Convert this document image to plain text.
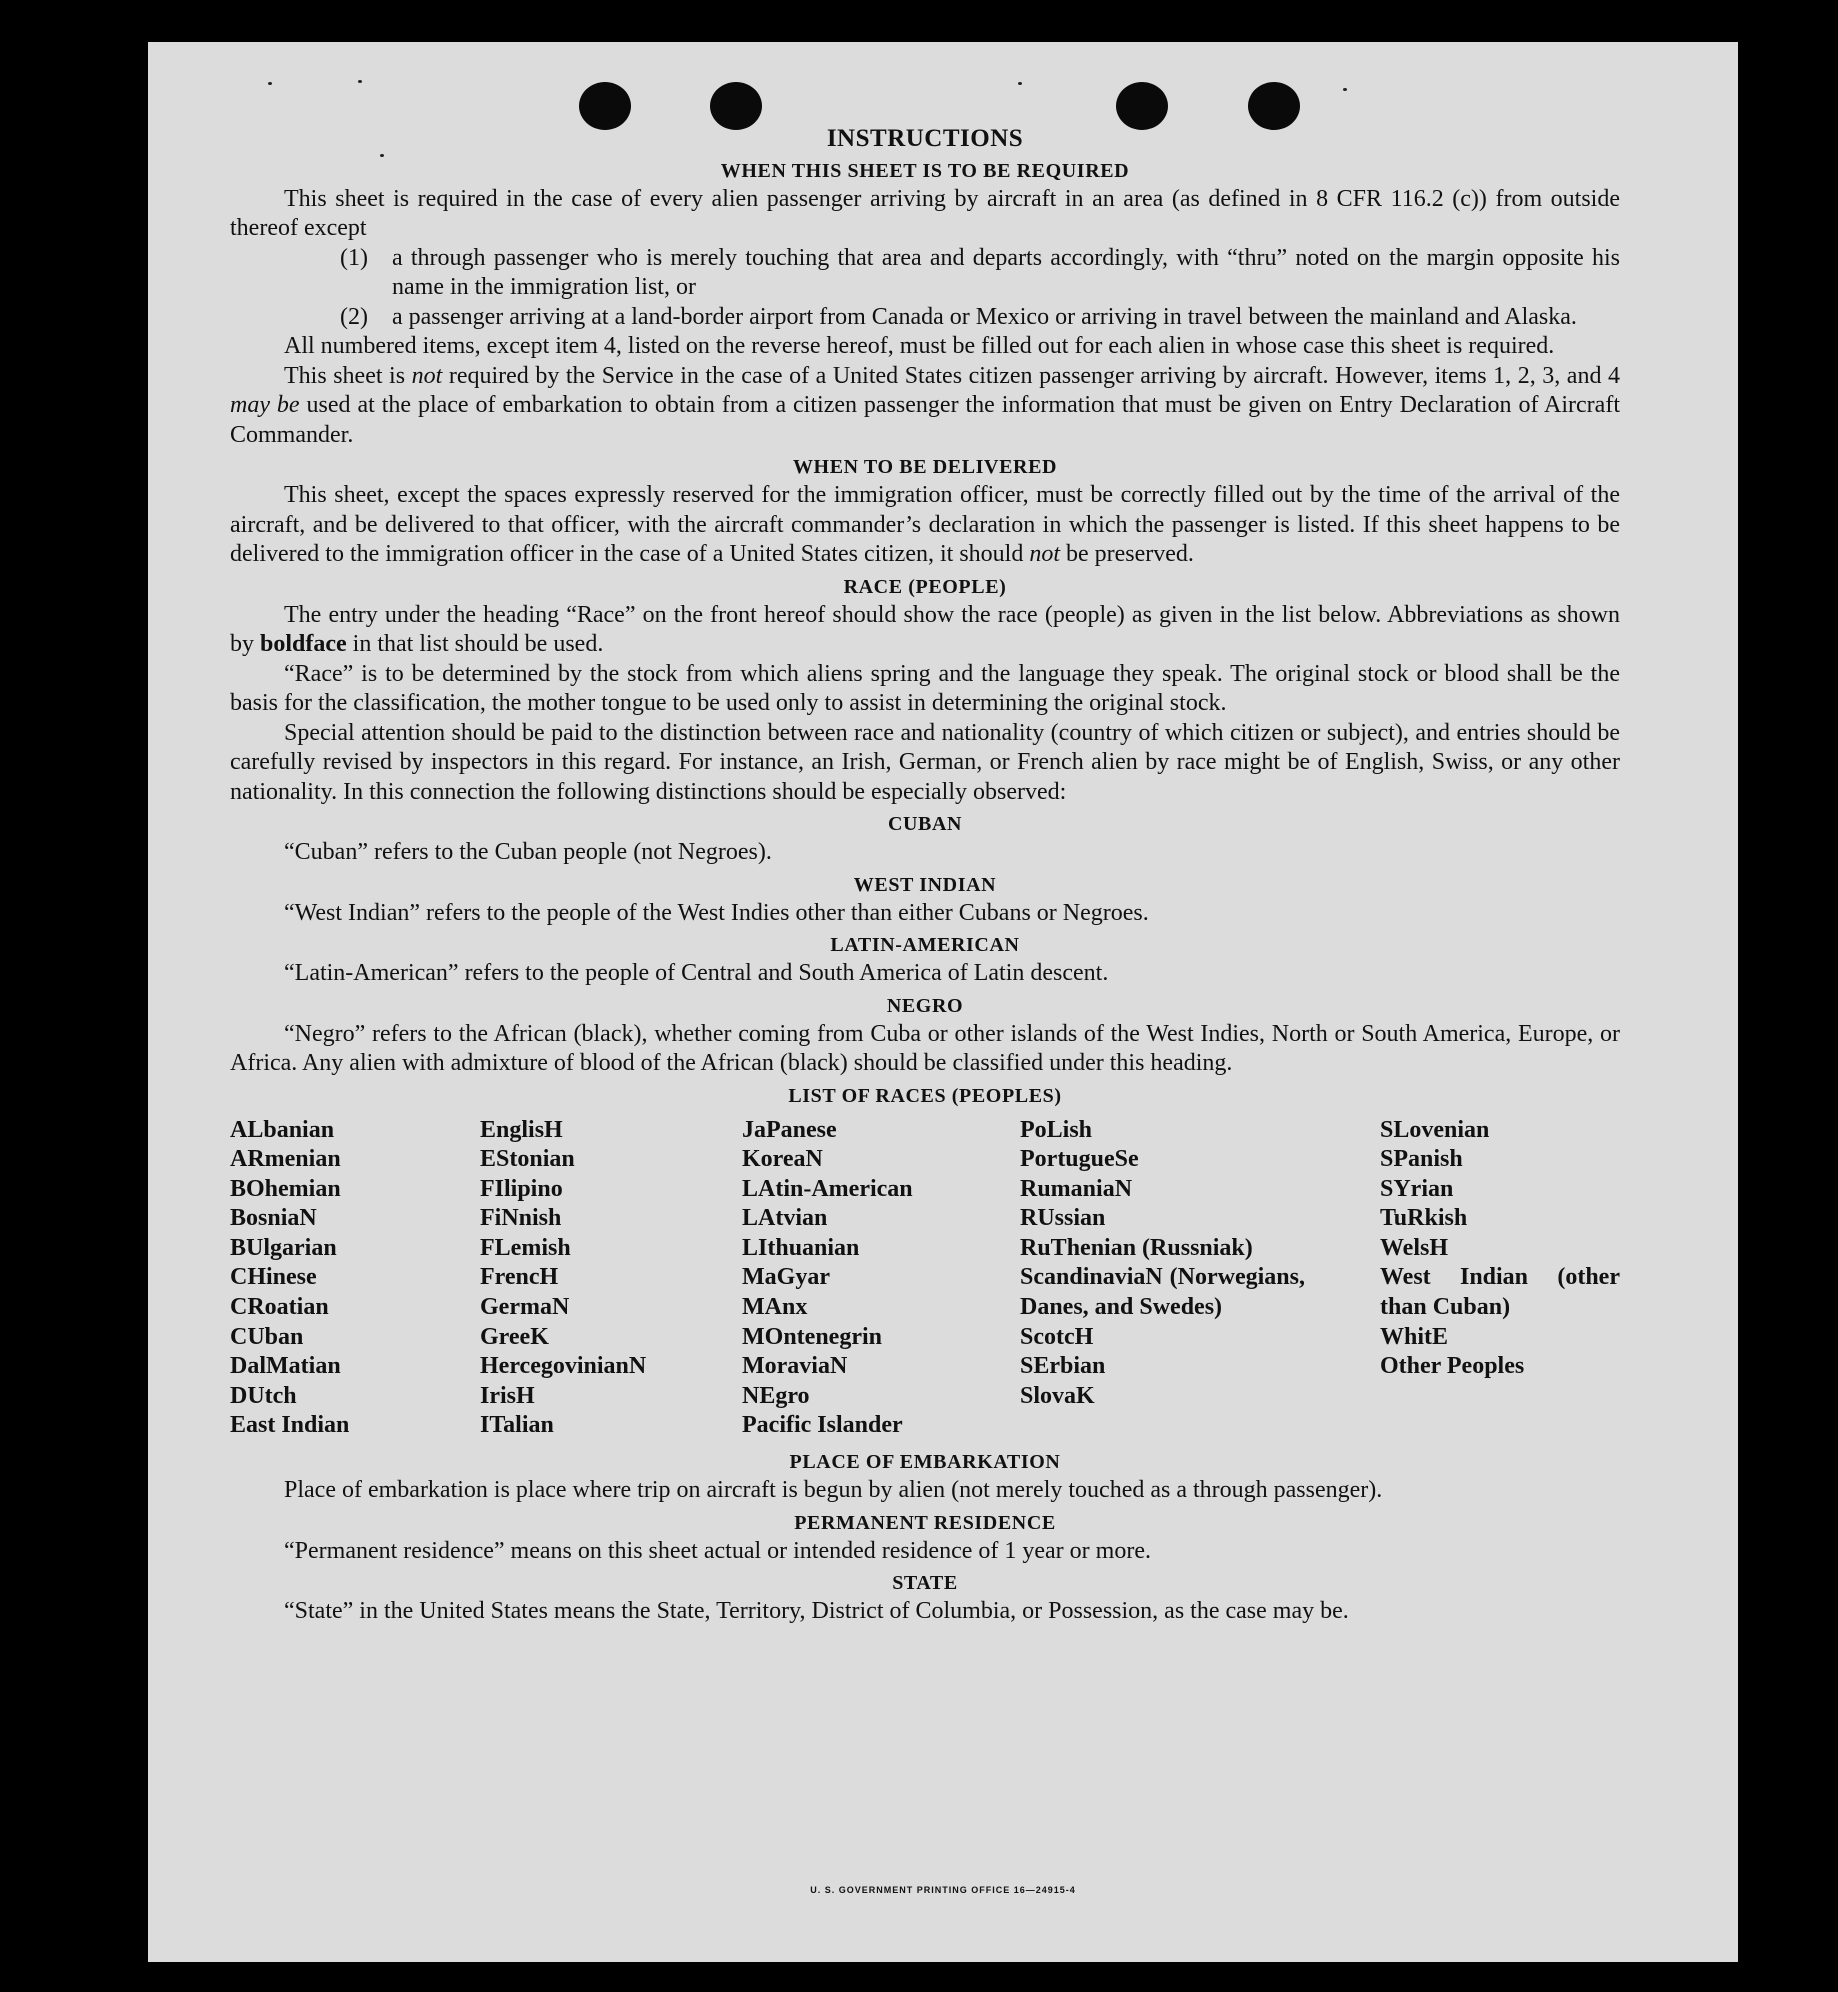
INSTRUCTIONS
WHEN THIS SHEET IS TO BE REQUIRED

This sheet is required in the case of every alien passenger arriving by aircraft in an area (as defined in 8 CFR 116.2 (c)) from outside thereof except

(1)	a through passenger who is merely touching that area and departs accordingly, with “thru” noted on the margin opposite his name in the immigration list, or
(2)	a passenger arriving at a land-border airport from Canada or Mexico or arriving in travel between the mainland and Alaska.

All numbered items, except item 4, listed on the reverse hereof, must be filled out for each alien in whose case this sheet is required.

This sheet is not required by the Service in the case of a United States citizen passenger arriving by aircraft. However, items 1, 2, 3, and 4 may be used at the place of embarkation to obtain from a citizen passenger the information that must be given on Entry Declaration of Aircraft Commander.

WHEN TO BE DELIVERED

This sheet, except the spaces expressly reserved for the immigration officer, must be correctly filled out by the time of the arrival of the aircraft, and be delivered to that officer, with the aircraft commander’s declaration in which the passenger is listed. If this sheet happens to be delivered to the immigration officer in the case of a United States citizen, it should not be preserved.

RACE (PEOPLE)

The entry under the heading “Race” on the front hereof should show the race (people) as given in the list below. Abbreviations as shown by boldface in that list should be used.

“Race” is to be determined by the stock from which aliens spring and the language they speak. The original stock or blood shall be the basis for the classification, the mother tongue to be used only to assist in determining the original stock.

Special attention should be paid to the distinction between race and nationality (country of which citizen or subject), and entries should be carefully revised by inspectors in this regard. For instance, an Irish, German, or French alien by race might be of English, Swiss, or any other nationality. In this connection the following distinctions should be especially observed:

CUBAN

“Cuban” refers to the Cuban people (not Negroes).

WEST INDIAN

“West Indian” refers to the people of the West Indies other than either Cubans or Negroes.

LATIN-AMERICAN

“Latin-American” refers to the people of Central and South America of Latin descent.

NEGRO

“Negro” refers to the African (black), whether coming from Cuba or other islands of the West Indies, North or South America, Europe, or Africa. Any alien with admixture of blood of the African (black) should be classified under this heading.

LIST OF RACES (PEOPLES)
ALbanian
ARmenian
BOhemian
BosniaN
BUlgarian
CHinese
CRoatian
CUban
DalMatian
DUtch
East Indian
EnglisH
EStonian
FIlipino
FiNnish
FLemish
FrencH
GermaN
GreeK
HercegovinianN
IrisH
ITalian
JaPanese
KoreaN
LAtin-American
LAtvian
LIthuanian
MaGyar
MAnx
MOntenegrin
MoraviaN
NEgro
Pacific Islander
PoLish
PortugueSe
RumaniaN
RUssian
RuThenian (Russniak)
ScandinaviaN (Norwegians, Danes, and Swedes)
ScotcH
SErbian
SlovaK
SLovenian
SPanish
SYrian
TuRkish
WelsH
West Indian (other than Cuban)
WhitE
Other Peoples
PLACE OF EMBARKATION

Place of embarkation is place where trip on aircraft is begun by alien (not merely touched as a through passenger).

PERMANENT RESIDENCE

“Permanent residence” means on this sheet actual or intended residence of 1 year or more.

STATE

“State” in the United States means the State, Territory, District of Columbia, or Possession, as the case may be.

U. S. GOVERNMENT PRINTING OFFICE 16—24915-4
